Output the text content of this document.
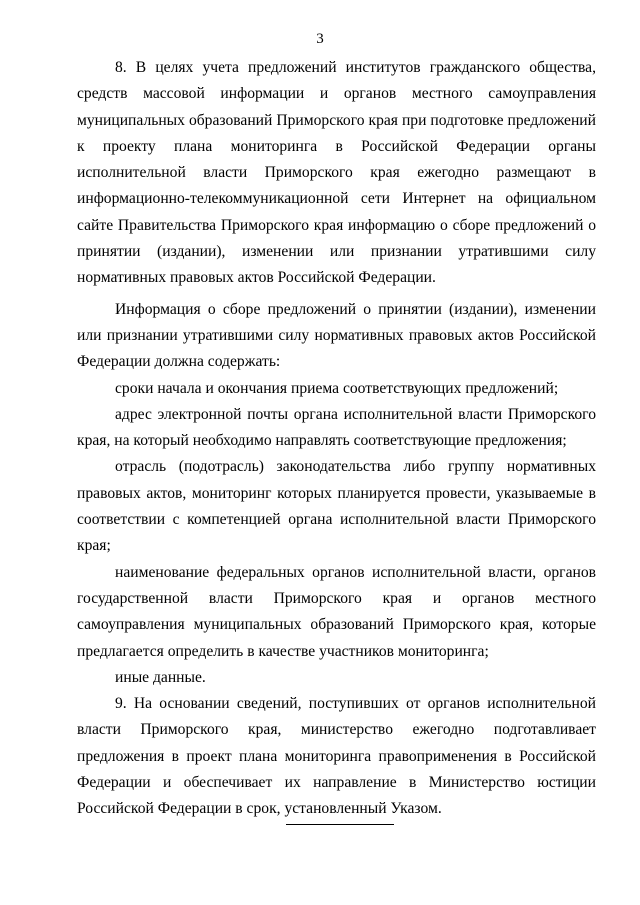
3

8. В целях учета предложений институтов гражданского общества, средств массовой информации и органов местного самоуправления муниципальных образований Приморского края при подготовке предложений к проекту плана мониторинга в Российской Федерации органы исполнительной власти Приморского края ежегодно размещают в информационно-телекоммуникационной сети Интернет на официальном сайте Правительства Приморского края информацию о сборе предложений о принятии (издании), изменении или признании утратившими силу нормативных правовых актов Российской Федерации.

Информация о сборе предложений о принятии (издании), изменении или признании утратившими силу нормативных правовых актов Российской Федерации должна содержать:

сроки начала и окончания приема соответствующих предложений;

адрес электронной почты органа исполнительной власти Приморского края, на который необходимо направлять соответствующие предложения;

отрасль (подотрасль) законодательства либо группу нормативных правовых актов, мониторинг которых планируется провести, указываемые в соответствии с компетенцией органа исполнительной власти Приморского края;

наименование федеральных органов исполнительной власти, органов государственной власти Приморского края и органов местного самоуправления муниципальных образований Приморского края, которые предлагается определить в качестве участников мониторинга;

иные данные.

9. На основании сведений, поступивших от органов исполнительной власти Приморского края, министерство ежегодно подготавливает предложения в проект плана мониторинга правоприменения в Российской Федерации и обеспечивает их направление в Министерство юстиции Российской Федерации в срок, установленный Указом.
